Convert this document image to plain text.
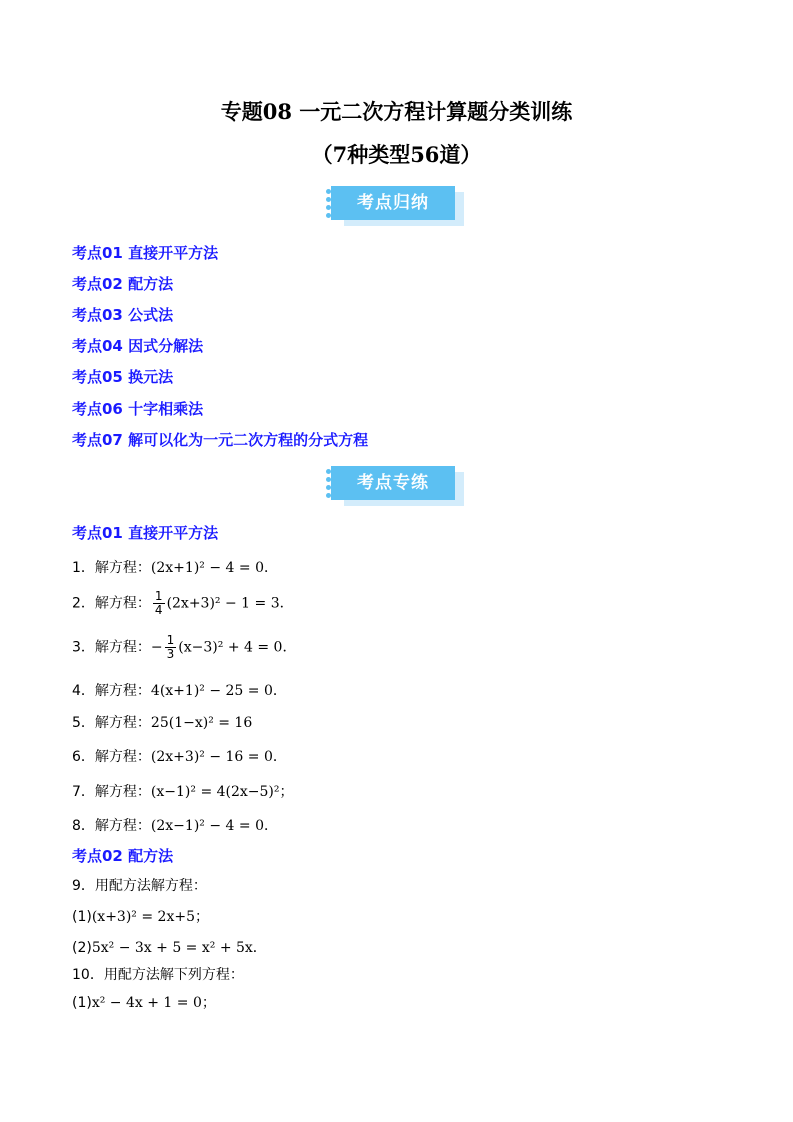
专题08 一元二次方程计算题分类训练
（7种类型56道）
考点归纳
考点01 直接开平方法
考点02 配方法
考点03 公式法
考点04 因式分解法
考点05 换元法
考点06 十字相乘法
考点07 解可以化为一元二次方程的分式方程
考点专练
考点01 直接开平方法
1．解方程：(2x+1)² − 4 = 0．
2．解方程： $\frac{1}{4} (2x+3)^2 - 1 = 3$．
3．解方程：− $\frac{1}{3} (x-3)^2 + 4 = 0$．
4．解方程：4(x+1)² − 25 = 0．
5．解方程：25(1−x)² = 16
6．解方程：(2x+3)² − 16 = 0．
7．解方程：(x−1)² = 4(2x−5)²；
8．解方程：(2x−1)² − 4 = 0．
考点02 配方法
9．用配方法解方程：
(1)(x+3)² = 2x+5；
(2)5x² − 3x + 5 = x² + 5x．
10．用配方法解下列方程：
(1)x² − 4x + 1 = 0；
